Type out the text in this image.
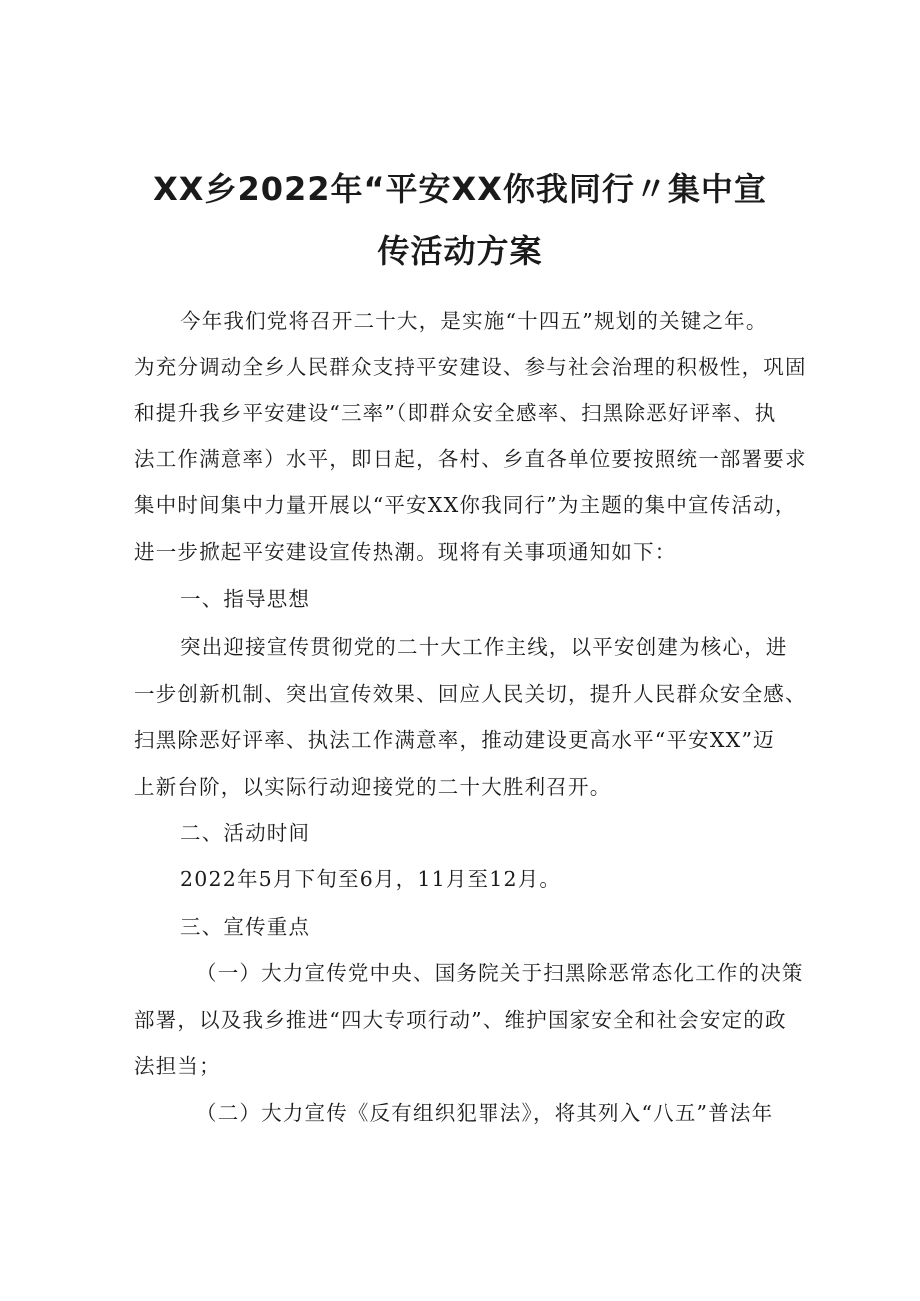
XX乡2022年“平安XX你我同行〃集中宣
传活动方案

今年我们党将召开二十大，是实施“十四五”规划的关键之年。

为充分调动全乡人民群众支持平安建设、参与社会治理的积极性，巩固

和提升我乡平安建设“三率”（即群众安全感率、扫黑除恶好评率、执

法工作满意率）水平，即日起，各村、乡直各单位要按照统一部署要求

集中时间集中力量开展以“平安XX你我同行”为主题的集中宣传活动，

进一步掀起平安建设宣传热潮。现将有关事项通知如下：

一、指导思想

突出迎接宣传贯彻党的二十大工作主线，以平安创建为核心，进

一步创新机制、突出宣传效果、回应人民关切，提升人民群众安全感、

扫黑除恶好评率、执法工作满意率，推动建设更高水平“平安XX”迈

上新台阶，以实际行动迎接党的二十大胜利召开。

二、活动时间

2022年5月下旬至6月，11月至12月。

三、宣传重点

（一）大力宣传党中央、国务院关于扫黑除恶常态化工作的决策

部署，以及我乡推进“四大专项行动”、维护国家安全和社会安定的政

法担当；

（二）大力宣传《反有组织犯罪法》，将其列入“八五”普法年
